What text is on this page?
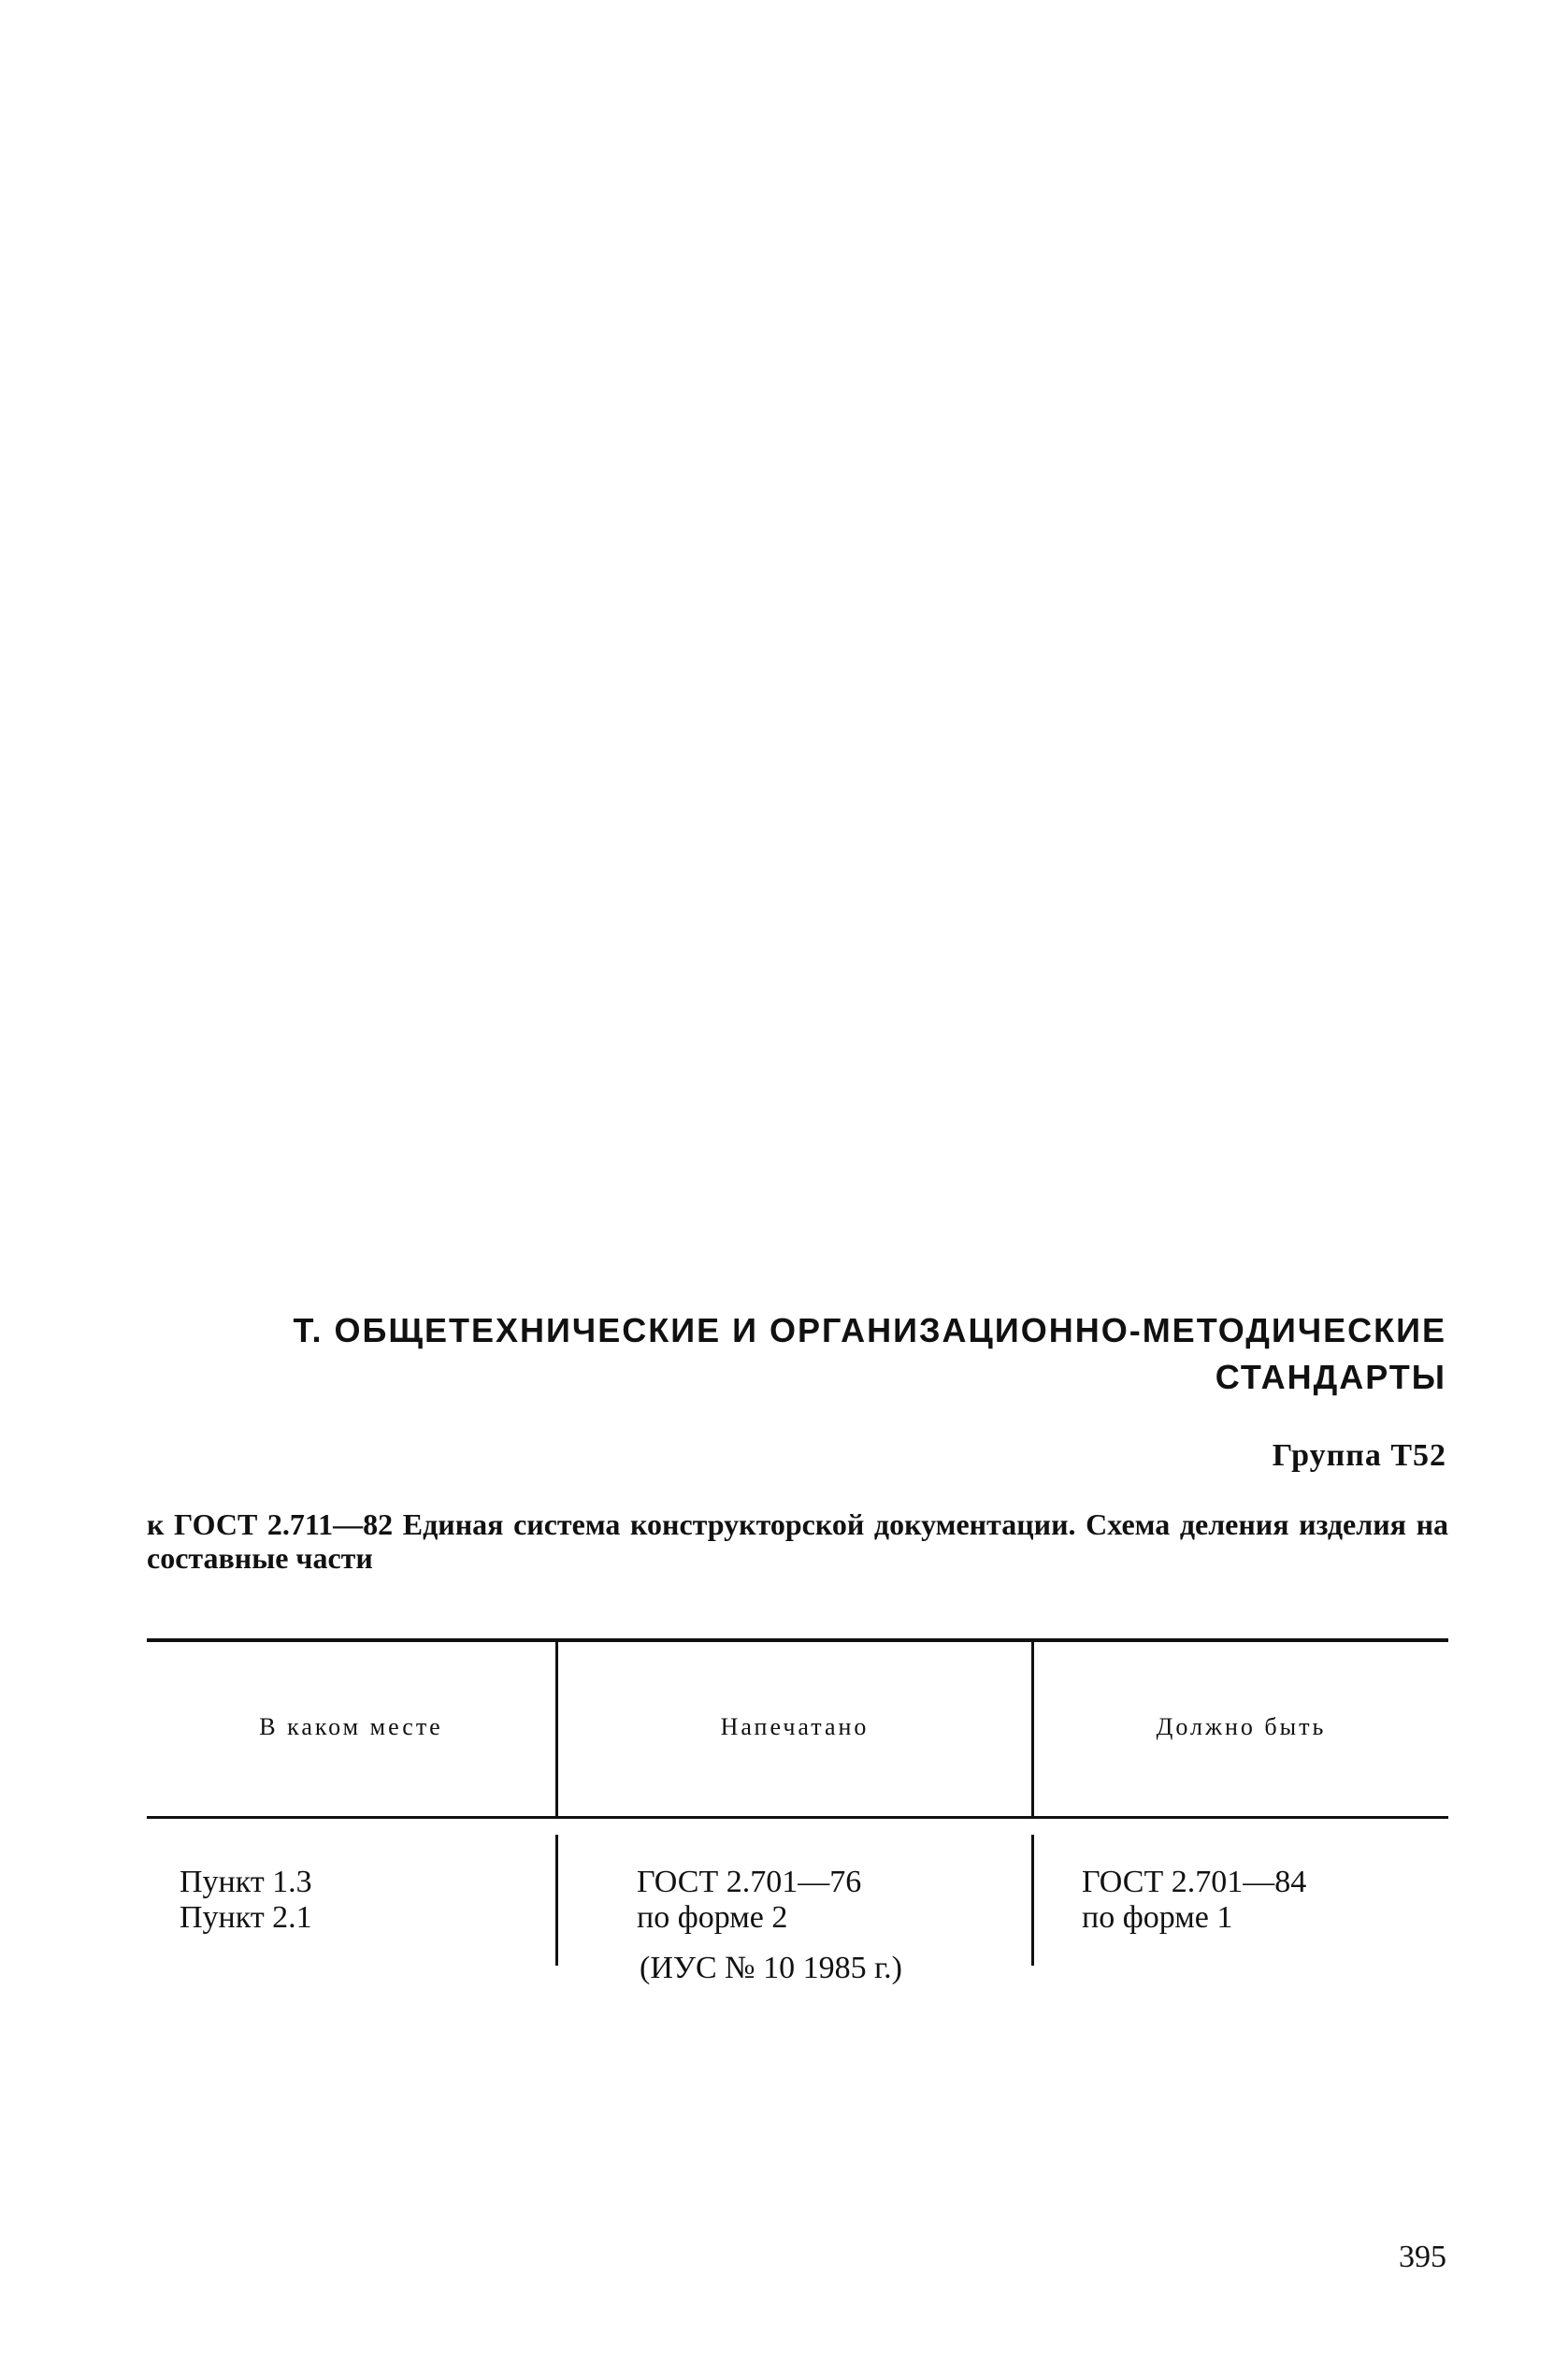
Т. ОБЩЕТЕХНИЧЕСКИЕ И ОРГАНИЗАЦИОННО-МЕТОДИЧЕСКИЕ
СТАНДАРТЫ
Группа Т52
к ГОСТ 2.711—82 Единая система конструкторской документации. Схема деления изделия на составные части
В каком месте	Напечатано	Должно быть
Пункт 1.3	ГОСТ 2.701—76	ГОСТ 2.701—84
Пункт 2.1	по форме 2	по форме 1
(ИУС № 10 1985 г.)
395
